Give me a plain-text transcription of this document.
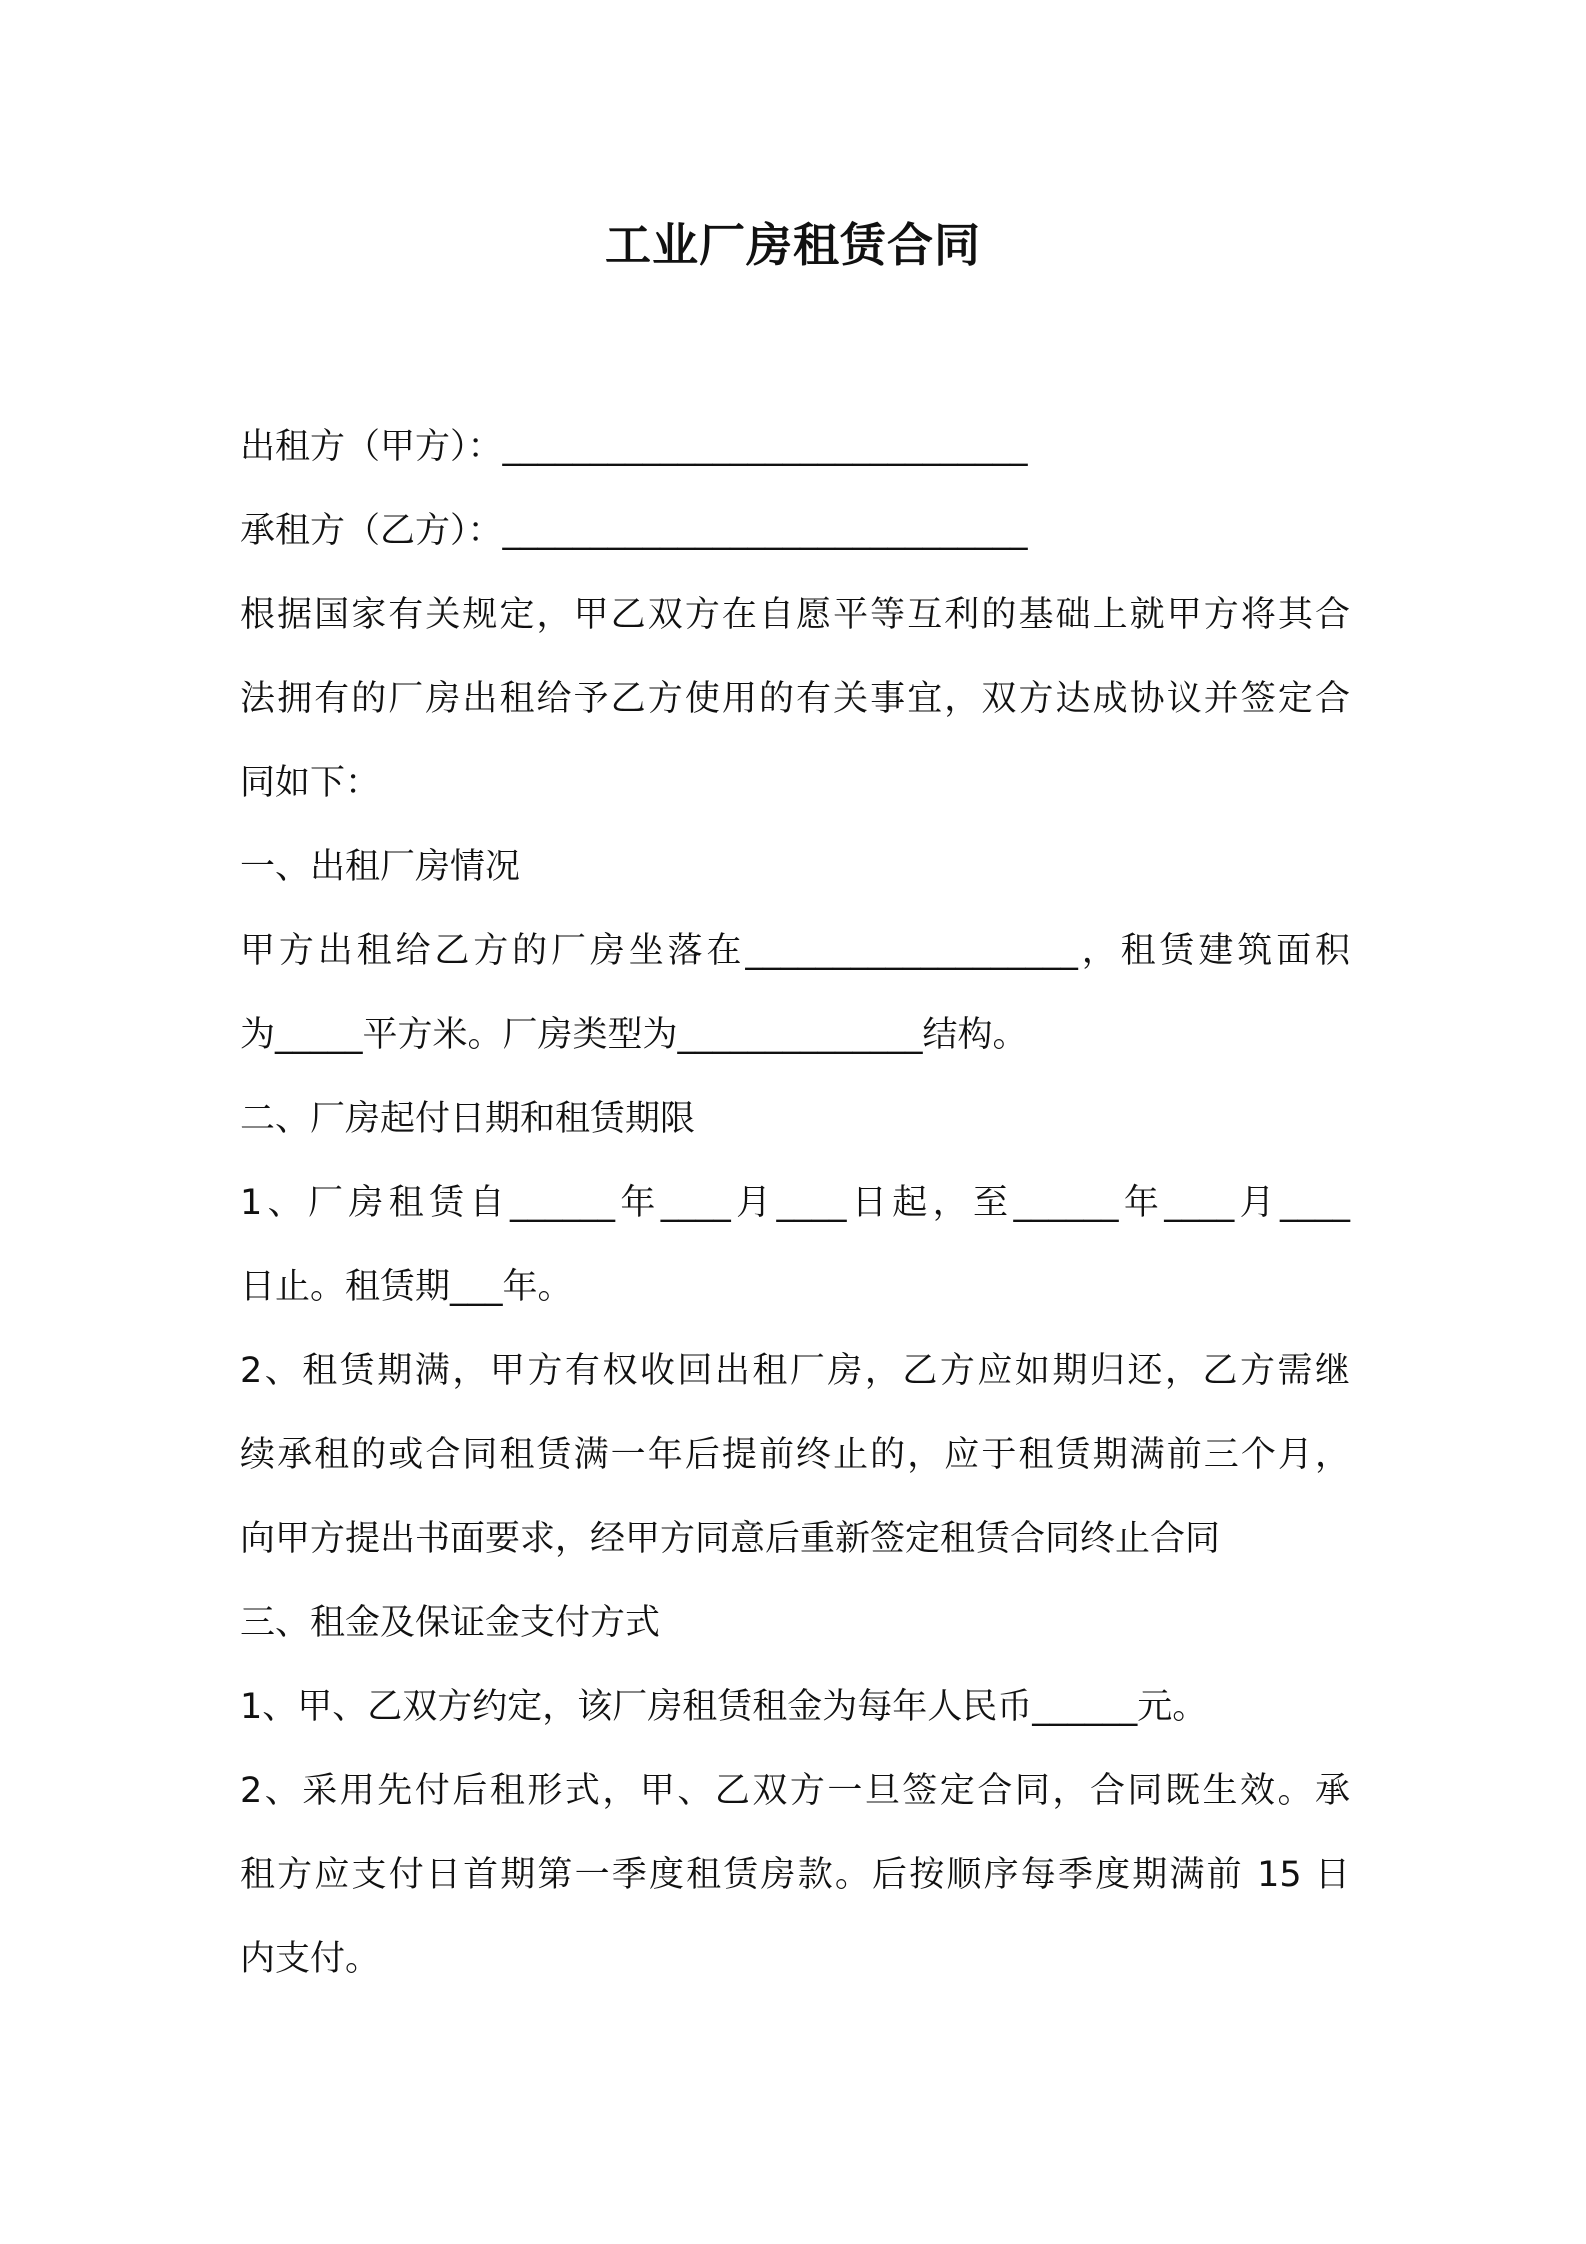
工业厂房租赁合同
出租方（甲方）：______________________________
承租方（乙方）：______________________________
根据国家有关规定，甲乙双方在自愿平等互利的基础上就甲方将其合
法拥有的厂房出租给予乙方使用的有关事宜，双方达成协议并签定合
同如下：
一、出租厂房情况
甲方出租给乙方的厂房坐落在___________________，租赁建筑面积
为_____平方米。厂房类型为______________结构。
二、厂房起付日期和租赁期限
1、厂房租赁自______年____月____日起，至______年____月____
日止。租赁期___年。
2、租赁期满，甲方有权收回出租厂房，乙方应如期归还，乙方需继
续承租的或合同租赁满一年后提前终止的，应于租赁期满前三个月，
向甲方提出书面要求，经甲方同意后重新签定租赁合同终止合同
三、租金及保证金支付方式
1、甲、乙双方约定，该厂房租赁租金为每年人民币______元。
2、采用先付后租形式，甲、乙双方一旦签定合同，合同既生效。承
租方应支付日首期第一季度租赁房款。后按顺序每季度期满前 15 日
内支付。
